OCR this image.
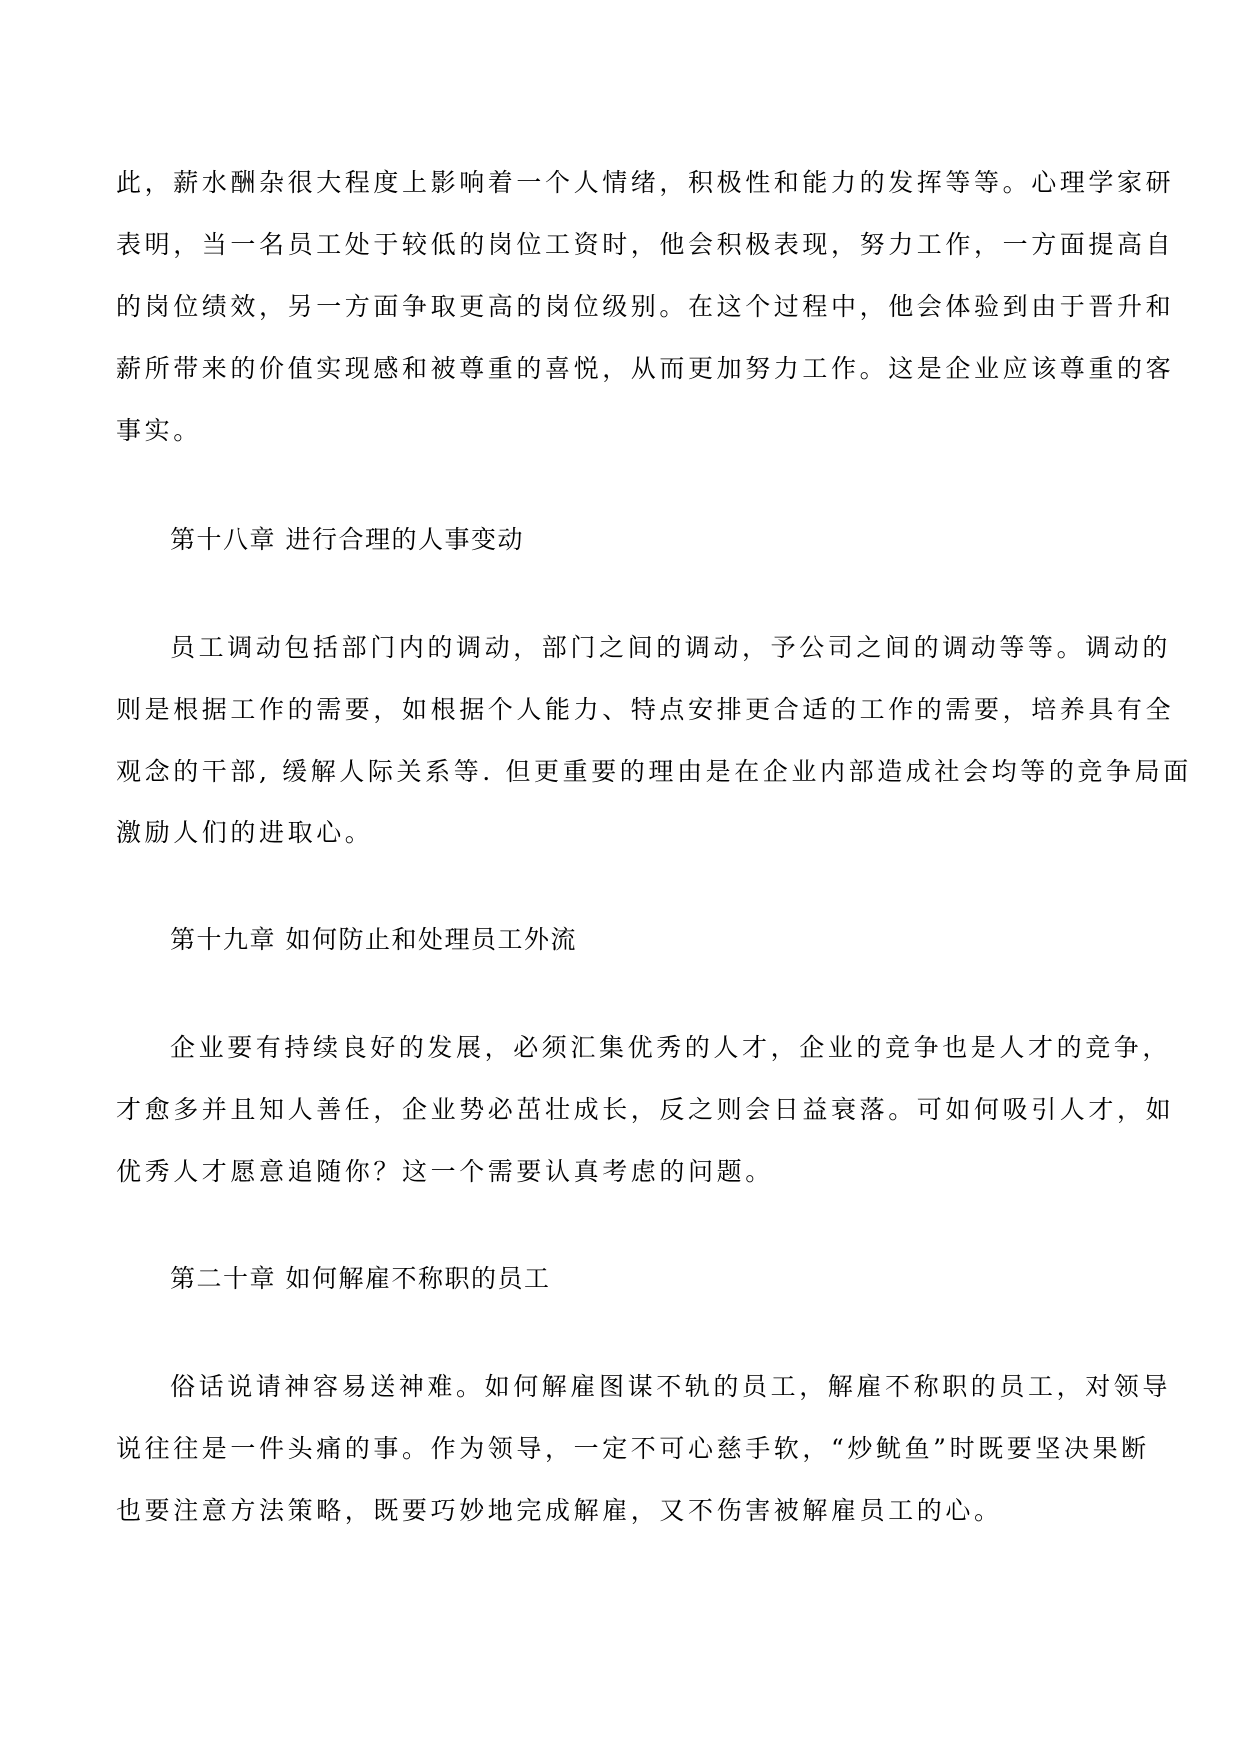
此，薪水酬杂很大程度上影响着一个人情绪，积极性和能力的发挥等等。心理学家研
表明，当一名员工处于较低的岗位工资时，他会积极表现，努力工作，一方面提高自
的岗位绩效，另一方面争取更高的岗位级别。在这个过程中，他会体验到由于晋升和
薪所带来的价值实现感和被尊重的喜悦，从而更加努力工作。这是企业应该尊重的客
事实。
第十八章 进行合理的人事变动
员工调动包括部门内的调动，部门之间的调动，予公司之间的调动等等。调动的
则是根据工作的需要，如根据个人能力、特点安排更合适的工作的需要，培养具有全
观念的干部, 缓解人际关系等. 但更重要的理由是在企业内部造成社会均等的竞争局面
激励人们的进取心。
第十九章 如何防止和处理员工外流
企业要有持续良好的发展，必须汇集优秀的人才，企业的竞争也是人才的竞争，
才愈多并且知人善任，企业势必茁壮成长，反之则会日益衰落。可如何吸引人才，如
优秀人才愿意追随你？这一个需要认真考虑的问题。
第二十章 如何解雇不称职的员工
俗话说请神容易送神难。如何解雇图谋不轨的员工，解雇不称职的员工，对领导
说往往是一件头痛的事。作为领导，一定不可心慈手软，“炒鱿鱼”时既要坚决果断
也要注意方法策略，既要巧妙地完成解雇，又不伤害被解雇员工的心。
